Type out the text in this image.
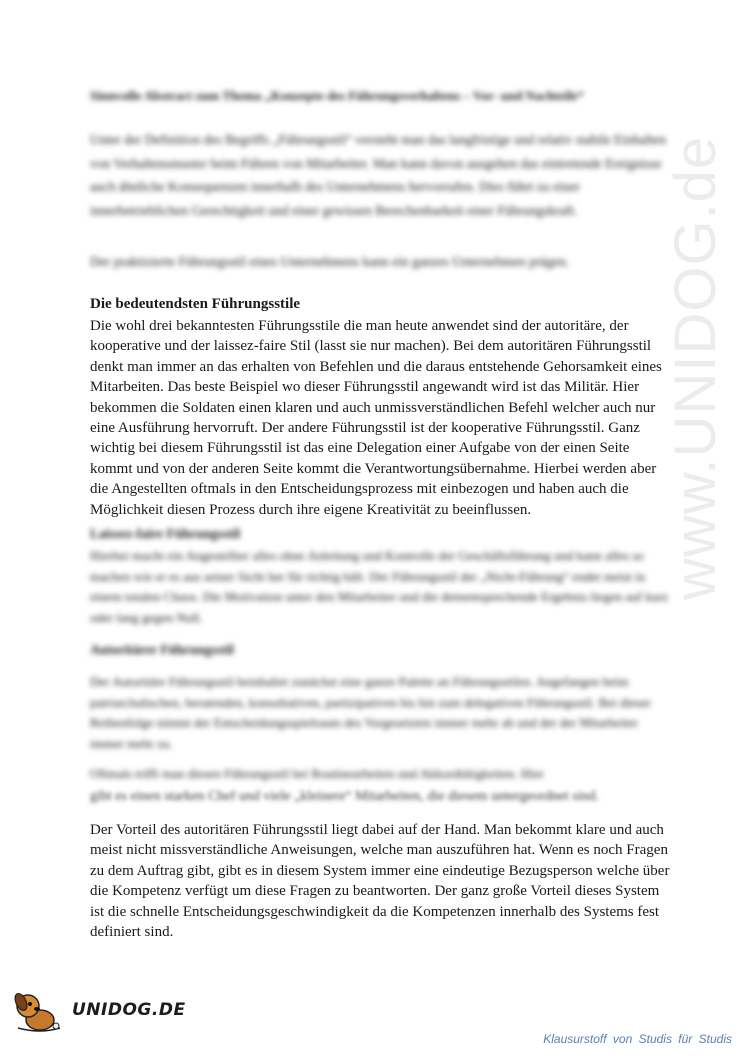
www.UNIDOG.de
Sinnvolle Abstract zum Thema „Konzepte des Führungsverhaltens – Vor- und Nachteile“

Unter der Definition des Begriffs „Führungsstil“ versteht man das langfristige und relativ stabile Einhalten von Verhaltensmuster beim Führen von Mitarbeiter. Man kann davon ausgehen das eintretende Ereignisse auch ähnliche Konsequenzen innerhalb des Unternehmens hervorrufen. Dies führt zu einer innerbetrieblichen Gerechtigkeit und einer gewissen Berechenbarkeit einer Führungskraft.

Der praktizierte Führungsstil eines Unternehmens kann ein ganzes Unternehmen prägen.

Die bedeutendsten Führungsstile

Die wohl drei bekanntesten Führungsstile die man heute anwendet sind der autoritäre, der kooperative und der laissez-faire Stil (lasst sie nur machen). Bei dem autoritären Führungsstil denkt man immer an das erhalten von Befehlen und die daraus entstehende Gehorsamkeit eines Mitarbeiten. Das beste Beispiel wo dieser Führungsstil angewandt wird ist das Militär. Hier bekommen die Soldaten einen klaren und auch unmissverständlichen Befehl welcher auch nur eine Ausführung hervorruft. Der andere Führungsstil ist der kooperative Führungsstil. Ganz wichtig bei diesem Führungsstil ist das eine Delegation einer Aufgabe von der einen Seite kommt und von der anderen Seite kommt die Verantwortungsübernahme. Hierbei werden aber die Angestellten oftmals in den Entscheidungsprozess mit einbezogen und haben auch die Möglichkeit diesen Prozess durch ihre eigene Kreativität zu beeinflussen.

Laissez-faire Führungsstil

Hierbei macht ein Angestellter alles ohne Anleitung und Kontrolle der Geschäftsführung und kann alles so machen wie er es aus seiner Sicht her für richtig hält. Der Führungsstil der „Nicht-Führung“ endet meist in einem totalen Chaos. Die Motivation unter den Mitarbeiter und die dementsprechende Ergebnis liegen auf kurz oder lang gegen Null.

Autoritärer Führungsstil

Der Autoritäre Führungsstil beinhaltet zunächst eine ganze Palette an Führungsstilen. Angefangen beim patriarchalischen, beratenden, konsultativen, partizipativen bis hin zum delegativen Führungsstil. Bei dieser Reihenfolge nimmt der Entscheidungsspielraum des Vorgesetzten immer mehr ab und der der Mitarbeiter immer mehr zu.

Oftmals trifft man diesen Führungsstil bei Routinearbeiten und Akkordtätigkeiten. Hier

gibt es einen starken Chef und viele „kleinere“ Mitarbeiten, die diesem untergeordnet sind.

Der Vorteil des autoritären Führungsstil liegt dabei auf der Hand. Man bekommt klare und auch meist nicht missverständliche Anweisungen, welche man auszuführen hat. Wenn es noch Fragen zu dem Auftrag gibt, gibt es in diesem System immer eine eindeutige Bezugsperson welche über die Kompetenz verfügt um diese Fragen zu beantworten. Der ganz große Vorteil dieses System ist die schnelle Entscheidungsgeschwindigkeit da die Kompetenzen innerhalb des Systems fest definiert sind.

UNIDOG.DE
Klausurstoff von Studis für Studis
